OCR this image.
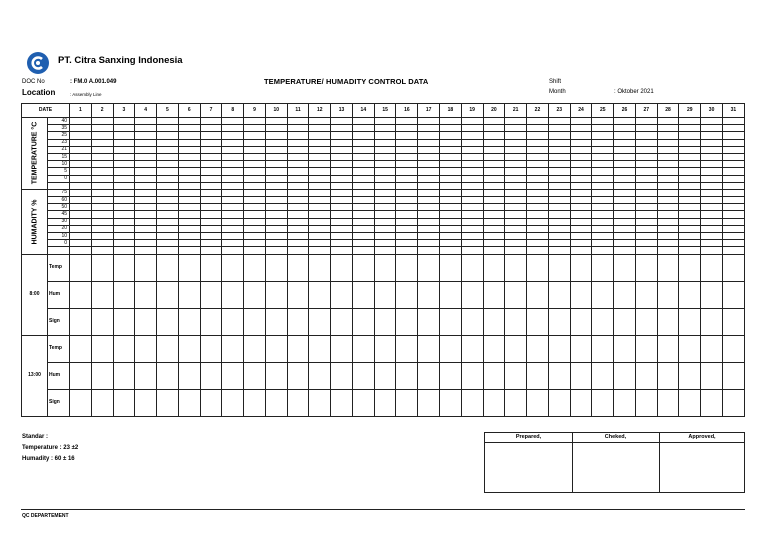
PT. Citra Sanxing Indonesia
DOC No	: FM.0 A.001.049
Location	: Assembly Line
TEMPERATURE/ HUMADITY CONTROL DATA	Shift
Month	: Oktober 2021
DATE		1	2	3	4	5	6	7	8	9	10	11	12	13	14	15	16	17	18	19	20	21	22	23	24	25	26	27	28	29	30	31

TEMPERATURE °C	40																															
	35																															
	25																															
	23																															
	21																															
	15																															
	10																															
	5																															
	0																															

HUMADITY %	75																															
	60																															
	50																															
	45																															
	30																															
	20																															
	10																															
	0																															

8:00	Temp																															
	Hum																															
	Sign																															
13:00	Temp																															
	Hum																															
	Sign																															
Standar :
Temperature : 23 ±2
Humadity : 60 ± 16
Prepared,	Cheked,	Approved,
QC DEPARTEMENT
